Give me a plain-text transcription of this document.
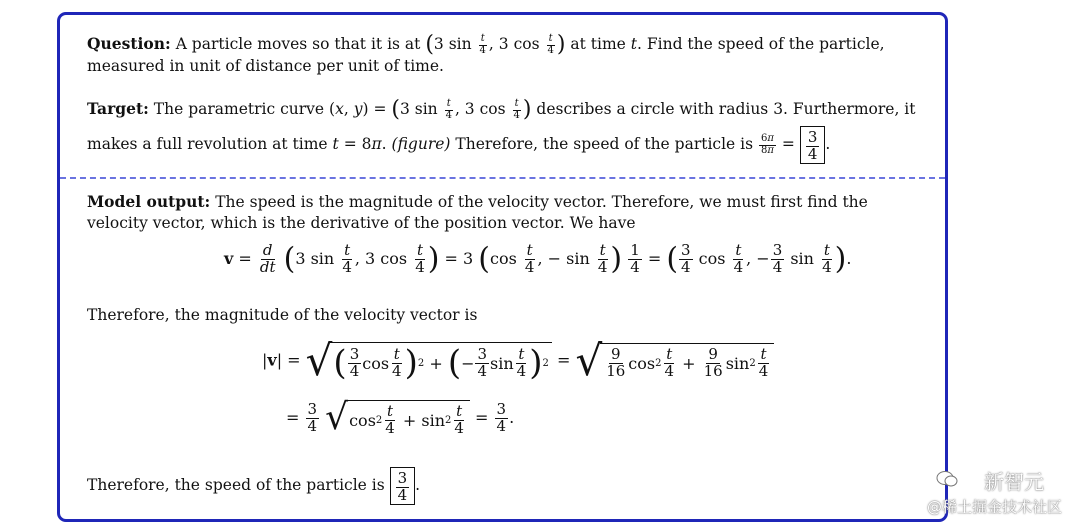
Question: A particle moves so that it is at (3 $\sin \frac{t}{4}$ , 3 $\cos \frac{t}{4}$ ) at time t. Find the speed of the particle, measured in unit of distance per unit of time.
Target: The parametric curve (x, y) = (3 $\sin \frac{t}{4}$ , 3 $\cos \frac{t}{4}$ ) describes a circle with radius 3. Furthermore, it makes a full revolution at time t = 8π. (figure) Therefore, the speed of the particle is $\frac{6\pi}{8\pi} = \frac{3}{4}$ .
Model output: The speed is the magnitude of the velocity vector. Therefore, we must first find the velocity vector, which is the derivative of the position vector. We have
$v = \frac{d}{dt} (3$ $\sin \frac{t}{4}$ , 3 $\cos \frac{t}{4}$ ) = 3 ($\cos \frac{t}{4}$ , − $\sin \frac{t}{4}$ ) $\frac{1}{4}$ = ( $\frac{3}{4}$ $\cos \frac{t}{4}$ , − $\frac{3}{4}$ $\sin \frac{t}{4}$ ).
Therefore, the magnitude of the velocity vector is
|v| = √ ( $\frac{3}{4}$ $\cos \frac{t}{4}$ ) 2 + ( − $\frac{3}{4}$ $\sin \frac{t}{4}$ ) 2 = √ $\frac{9}{16}$ $\cos 2 \frac{t}{4} + \frac{9}{16}$ $\sin 2 \frac{t}{4}$
= $\frac{3}{4}$
√ $\cos 2 \frac{t}{4} + \sin 2 \frac{t}{4} = \frac{3}{4}$ .
Therefore, the speed of the particle is $\frac{3}{4}$ .	新智元
@稀土掘金技术社区
